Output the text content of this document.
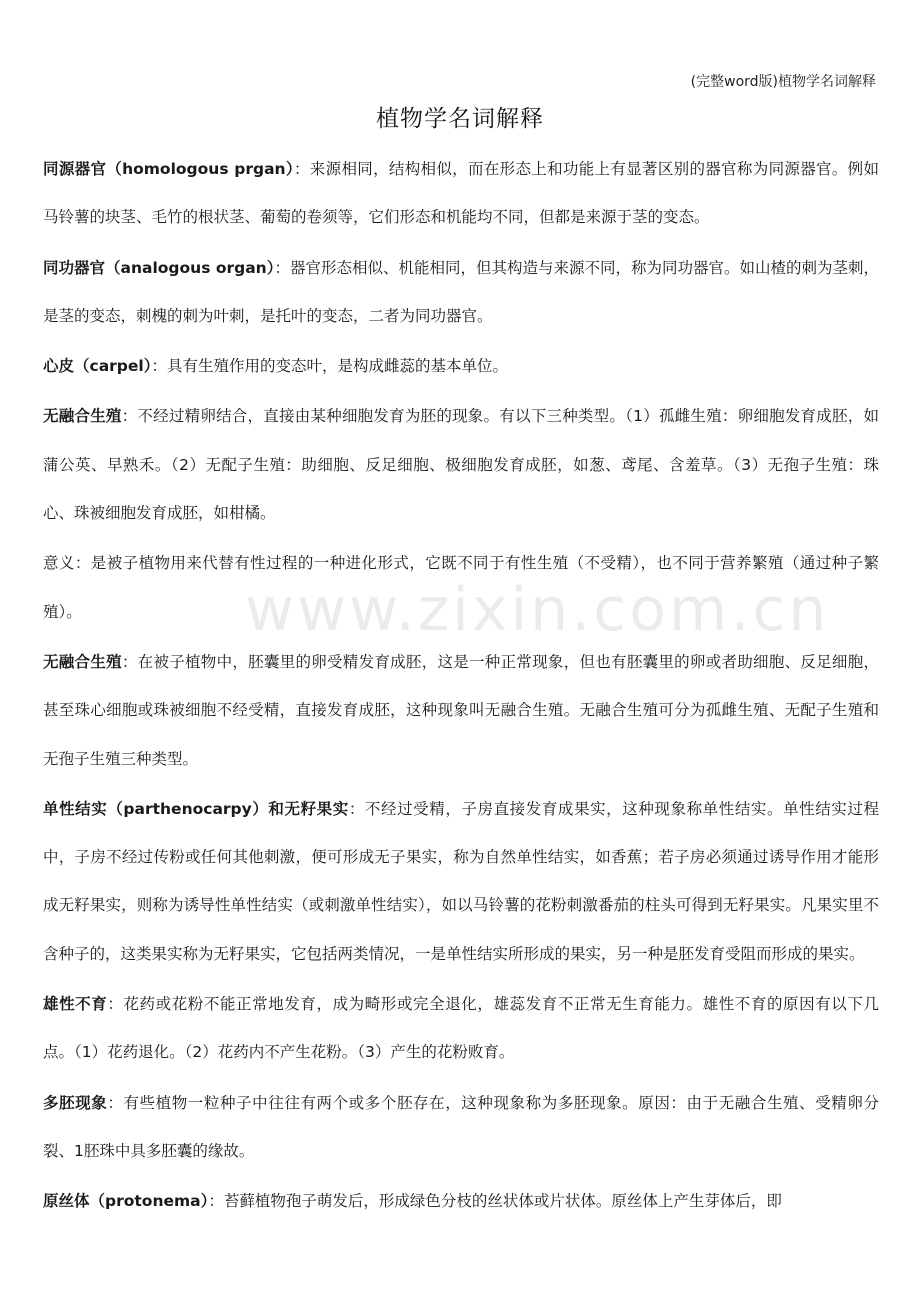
(完整word版)植物学名词解释
植物学名词解释
www.zixin.com.cn

同源器官（homologous prgan）：来源相同，结构相似，而在形态上和功能上有显著区别的器官称为同源器官。例如马铃薯的块茎、毛竹的根状茎、葡萄的卷须等，它们形态和机能均不同，但都是来源于茎的变态。

同功器官（analogous organ）：器官形态相似、机能相同，但其构造与来源不同，称为同功器官。如山楂的刺为茎刺，是茎的变态，刺槐的刺为叶刺，是托叶的变态，二者为同功器官。

心皮（carpel）：具有生殖作用的变态叶，是构成雌蕊的基本单位。

无融合生殖：不经过精卵结合，直接由某种细胞发育为胚的现象。有以下三种类型。（1）孤雌生殖：卵细胞发育成胚，如蒲公英、早熟禾。（2）无配子生殖：助细胞、反足细胞、极细胞发育成胚，如葱、鸢尾、含羞草。（3）无孢子生殖：珠心、珠被细胞发育成胚，如柑橘。

意义：是被子植物用来代替有性过程的一种进化形式，它既不同于有性生殖（不受精），也不同于营养繁殖（通过种子繁殖）。

无融合生殖：在被子植物中，胚囊里的卵受精发育成胚，这是一种正常现象，但也有胚囊里的卵或者助细胞、反足细胞，甚至珠心细胞或珠被细胞不经受精，直接发育成胚，这种现象叫无融合生殖。无融合生殖可分为孤雌生殖、无配子生殖和无孢子生殖三种类型。

单性结实（parthenocarpy）和无籽果实：不经过受精，子房直接发育成果实，这种现象称单性结实。单性结实过程中，子房不经过传粉或任何其他刺激，便可形成无子果实，称为自然单性结实，如香蕉；若子房必须通过诱导作用才能形成无籽果实，则称为诱导性单性结实（或刺激单性结实），如以马铃薯的花粉刺激番茄的柱头可得到无籽果实。凡果实里不含种子的，这类果实称为无籽果实，它包括两类情况，一是单性结实所形成的果实，另一种是胚发育受阻而形成的果实。

雄性不育：花药或花粉不能正常地发育，成为畸形或完全退化，雄蕊发育不正常无生育能力。雄性不育的原因有以下几点。（1）花药退化。（2）花药内不产生花粉。（3）产生的花粉败育。

多胚现象：有些植物一粒种子中往往有两个或多个胚存在，这种现象称为多胚现象。原因：由于无融合生殖、受精卵分裂、1胚珠中具多胚囊的缘故。

原丝体（protonema）：苔藓植物孢子萌发后，形成绿色分枝的丝状体或片状体。原丝体上产生芽体后，即
